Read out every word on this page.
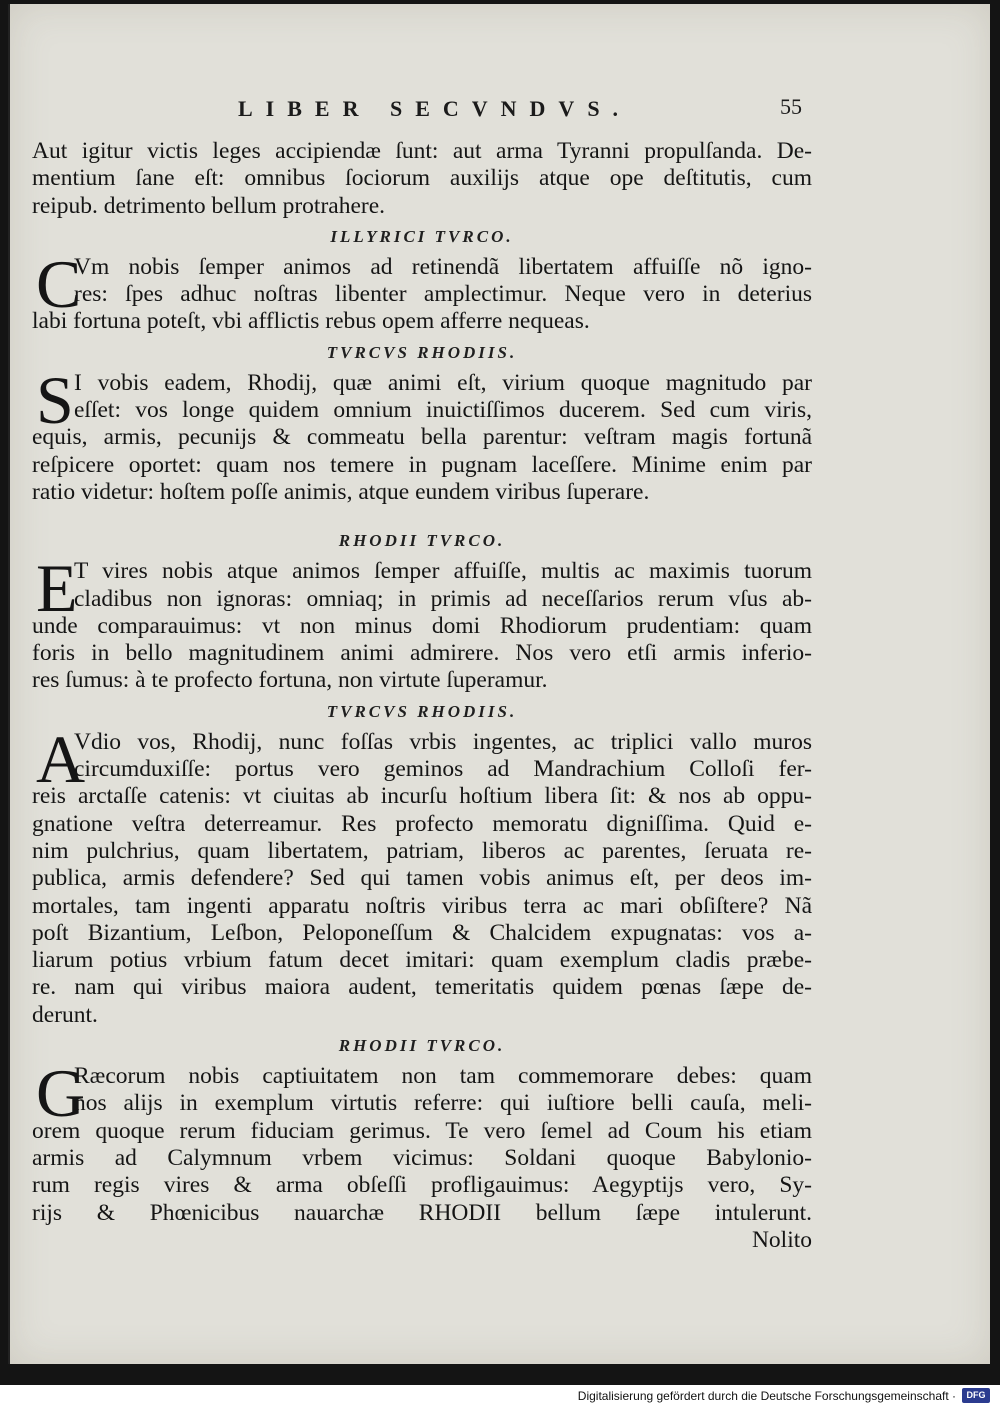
LIBER SECVNDVS.	55
Aut igitur victis leges accipiendæ ſunt: aut arma Tyranni propulſanda. De-
mentium ſane eſt: omnibus ſociorum auxilijs atque ope deſtitutis, cum
reipub. detrimento bellum protrahere.
ILLYRICI TVRCO.
C
Vm nobis ſemper animos ad retinendã libertatem affuiſſe nõ igno-
res: ſpes adhuc noſtras libenter amplectimur. Neque vero in deterius
labi fortuna poteſt, vbi afflictis rebus opem afferre nequeas.
TVRCVS RHODIIS.
S I vobis eadem, Rhodij, quæ animi eſt, virium quoque magnitudo par
eſſet: vos longe quidem omnium inuictiſſimos ducerem. Sed cum viris,
equis, armis, pecunijs & commeatu bella parentur: veſtram magis fortunã
reſpicere oportet: quam nos temere in pugnam laceſſere. Minime enim par
ratio videtur: hoſtem poſſe animis, atque eundem viribus ſuperare.
RHODII TVRCO.
E
T vires nobis atque animos ſemper affuiſſe, multis ac maximis tuorum
cladibus non ignoras: omniaq; in primis ad neceſſarios rerum vſus ab-
unde comparauimus: vt non minus domi Rhodiorum prudentiam: quam
foris in bello magnitudinem animi admirere. Nos vero etſi armis inferio-
res ſumus: à te profecto fortuna, non virtute ſuperamur.
TVRCVS RHODIIS.
A
Vdio vos, Rhodij, nunc foſſas vrbis ingentes, ac triplici vallo muros
circumduxiſſe: portus vero geminos ad Mandrachium Colloſi fer-
reis arctaſſe catenis: vt ciuitas ab incurſu hoſtium libera ſit: & nos ab oppu-
gnatione veſtra deterreamur. Res profecto memoratu digniſſima. Quid e-
nim pulchrius, quam libertatem, patriam, liberos ac parentes, ſeruata re-
publica, armis defendere? Sed qui tamen vobis animus eſt, per deos im-
mortales, tam ingenti apparatu noſtris viribus terra ac mari obſiſtere? Nã
poſt Bizantium, Leſbon, Peloponeſſum & Chalcidem expugnatas: vos a-
liarum potius vrbium fatum decet imitari: quam exemplum cladis præbe-
re. nam qui viribus maiora audent, temeritatis quidem pœnas ſæpe de-
derunt.
RHODII TVRCO.
G
Ræcorum nobis captiuitatem non tam commemorare debes: quam
nos alijs in exemplum virtutis referre: qui iuſtiore belli cauſa, meli-
orem quoque rerum fiduciam gerimus. Te vero ſemel ad Coum his etiam
armis ad Calymnum vrbem vicimus: Soldani quoque Babylonio-
rum regis vires & arma obſeſſi profligauimus: Aegyptijs vero, Sy-
rijs & Phœnicibus nauarchæ RHODII bellum ſæpe intulerunt.
Nolito
Digitalisierung gefördert durch die Deutsche Forschungsgemeinschaft ·	DFG
